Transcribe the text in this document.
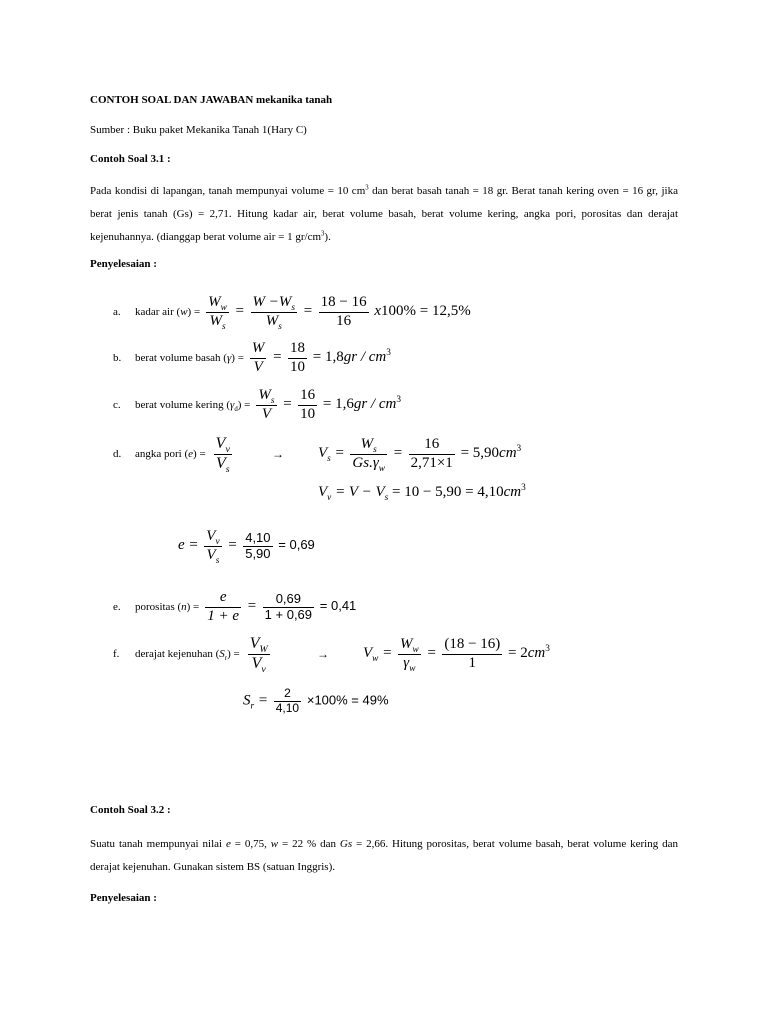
CONTOH SOAL DAN JAWABAN mekanika tanah
Sumber : Buku paket Mekanika Tanah 1(Hary C)
Contoh Soal 3.1 :
Pada kondisi di lapangan, tanah mempunyai volume = 10 $cm^3$ dan berat basah tanah = 18 gr. Berat tanah kering oven = 16 gr, jika berat jenis tanah (Gs) = 2,71. Hitung kadar air, berat volume basah, berat volume kering, angka pori, porositas dan derajat kejenuhannya. (dianggap berat volume air = 1 $gr/cm^3$).
Penyelesaian :
a. kadar air $(w) = \frac{W_w}{W_s} = \frac{W -W_s}{W_s} = \frac{18 - 16}{16} x100\% = 12,5\%$
b. berat volume basah $(\gamma) = \frac{W}{V} = \frac{18}{10} = 1,8gr / cm^3$
c. berat volume kering $(\gamma_d) = \frac{W_s}{V} = \frac{16}{10} = 1,6gr / cm^3$
d. angka pori $(e) = \frac{V_v}{V_s}$	→ $V_s = \frac{W_s}{Gs.\gamma_w} = \frac{16}{2,71\times 1} = 5,90cm^3$
$V_v = V - V_s = 10 - 5,90 = 4,10cm^3$
$e = \frac{V_v}{V_s} = \frac{4,10}{5,90} = 0,69$
e. porositas $(n) = \frac{e}{1 + e} = \frac{0,69}{1 + 0,69} = 0,41$
f. derajat kejenuhan $(S_r) = \frac{V_W}{V_v}$	→ $V_w = \frac{W_w}{\gamma_w} = \frac{(18 - 16)}{1} = 2cm^3$
$S_r = \frac{2}{4,10} \times 100\% = 49\%$
Contoh Soal 3.2 :
Suatu tanah mempunyai nilai e = 0,75, w = 22 % dan Gs = 2,66. Hitung porositas, berat volume basah, berat volume kering dan derajat kejenuhan. Gunakan sistem BS (satuan Inggris).
Penyelesaian :
